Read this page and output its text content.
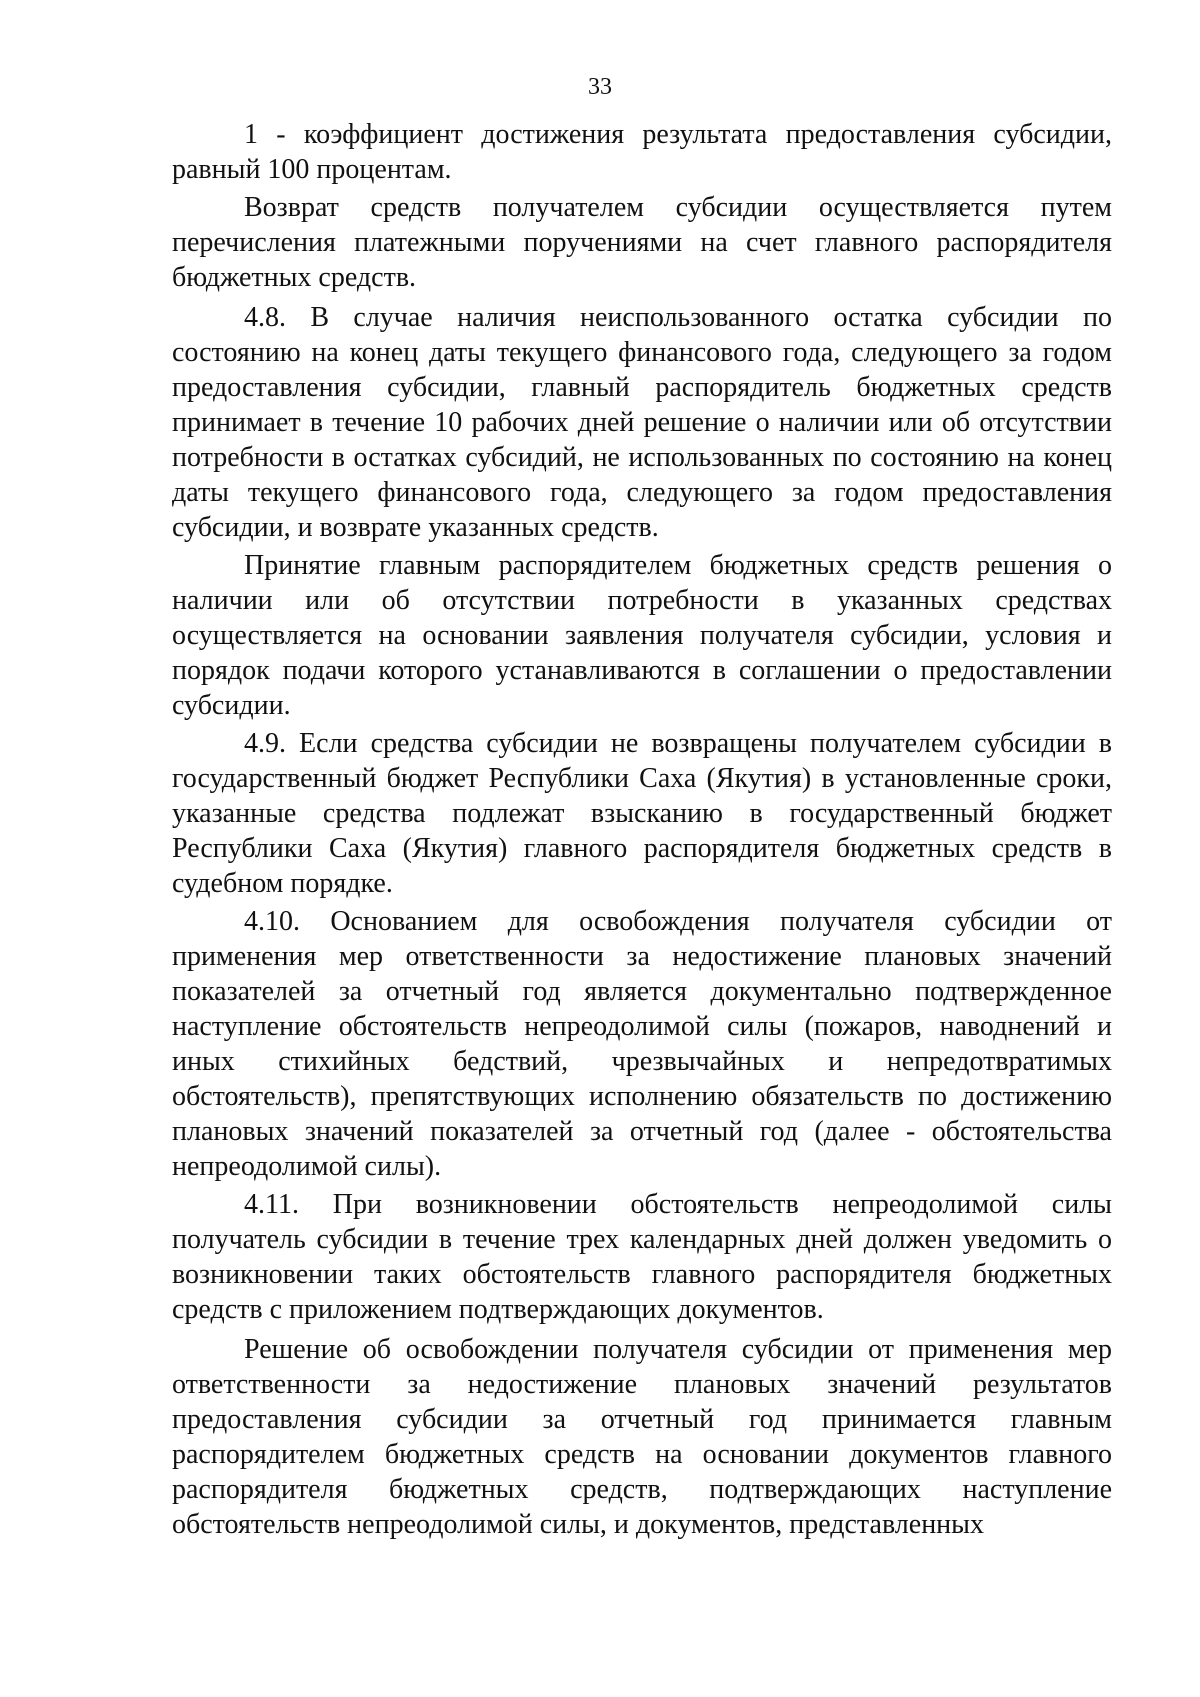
33

1 - коэффициент достижения результата предоставления субсидии, равный 100 процентам.

Возврат средств получателем субсидии осуществляется путем перечисления платежными поручениями на счет главного распорядителя бюджетных средств.

4.8. В случае наличия неиспользованного остатка субсидии по состоянию на конец даты текущего финансового года, следующего за годом предоставления субсидии, главный распорядитель бюджетных средств принимает в течение 10 рабочих дней решение о наличии или об отсутствии потребности в остатках субсидий, не использованных по состоянию на конец даты текущего финансового года, следующего за годом предоставления субсидии, и возврате указанных средств.

Принятие главным распорядителем бюджетных средств решения о наличии или об отсутствии потребности в указанных средствах осуществляется на основании заявления получателя субсидии, условия и порядок подачи которого устанавливаются в соглашении о предоставлении субсидии.

4.9. Если средства субсидии не возвращены получателем субсидии в государственный бюджет Республики Саха (Якутия) в установленные сроки, указанные средства подлежат взысканию в государственный бюджет Республики Саха (Якутия) главного распорядителя бюджетных средств в судебном порядке.

4.10. Основанием для освобождения получателя субсидии от применения мер ответственности за недостижение плановых значений показателей за отчетный год является документально подтвержденное наступление обстоятельств непреодолимой силы (пожаров, наводнений и иных стихийных бедствий, чрезвычайных и непредотвратимых обстоятельств), препятствующих исполнению обязательств по достижению плановых значений показателей за отчетный год (далее - обстоятельства непреодолимой силы).

4.11. При возникновении обстоятельств непреодолимой силы получатель субсидии в течение трех календарных дней должен уведомить о возникновении таких обстоятельств главного распорядителя бюджетных средств с приложением подтверждающих документов.

Решение об освобождении получателя субсидии от применения мер ответственности за недостижение плановых значений результатов предоставления субсидии за отчетный год принимается главным распорядителем бюджетных средств на основании документов главного распорядителя бюджетных средств, подтверждающих наступление обстоятельств непреодолимой силы, и документов, представленных
